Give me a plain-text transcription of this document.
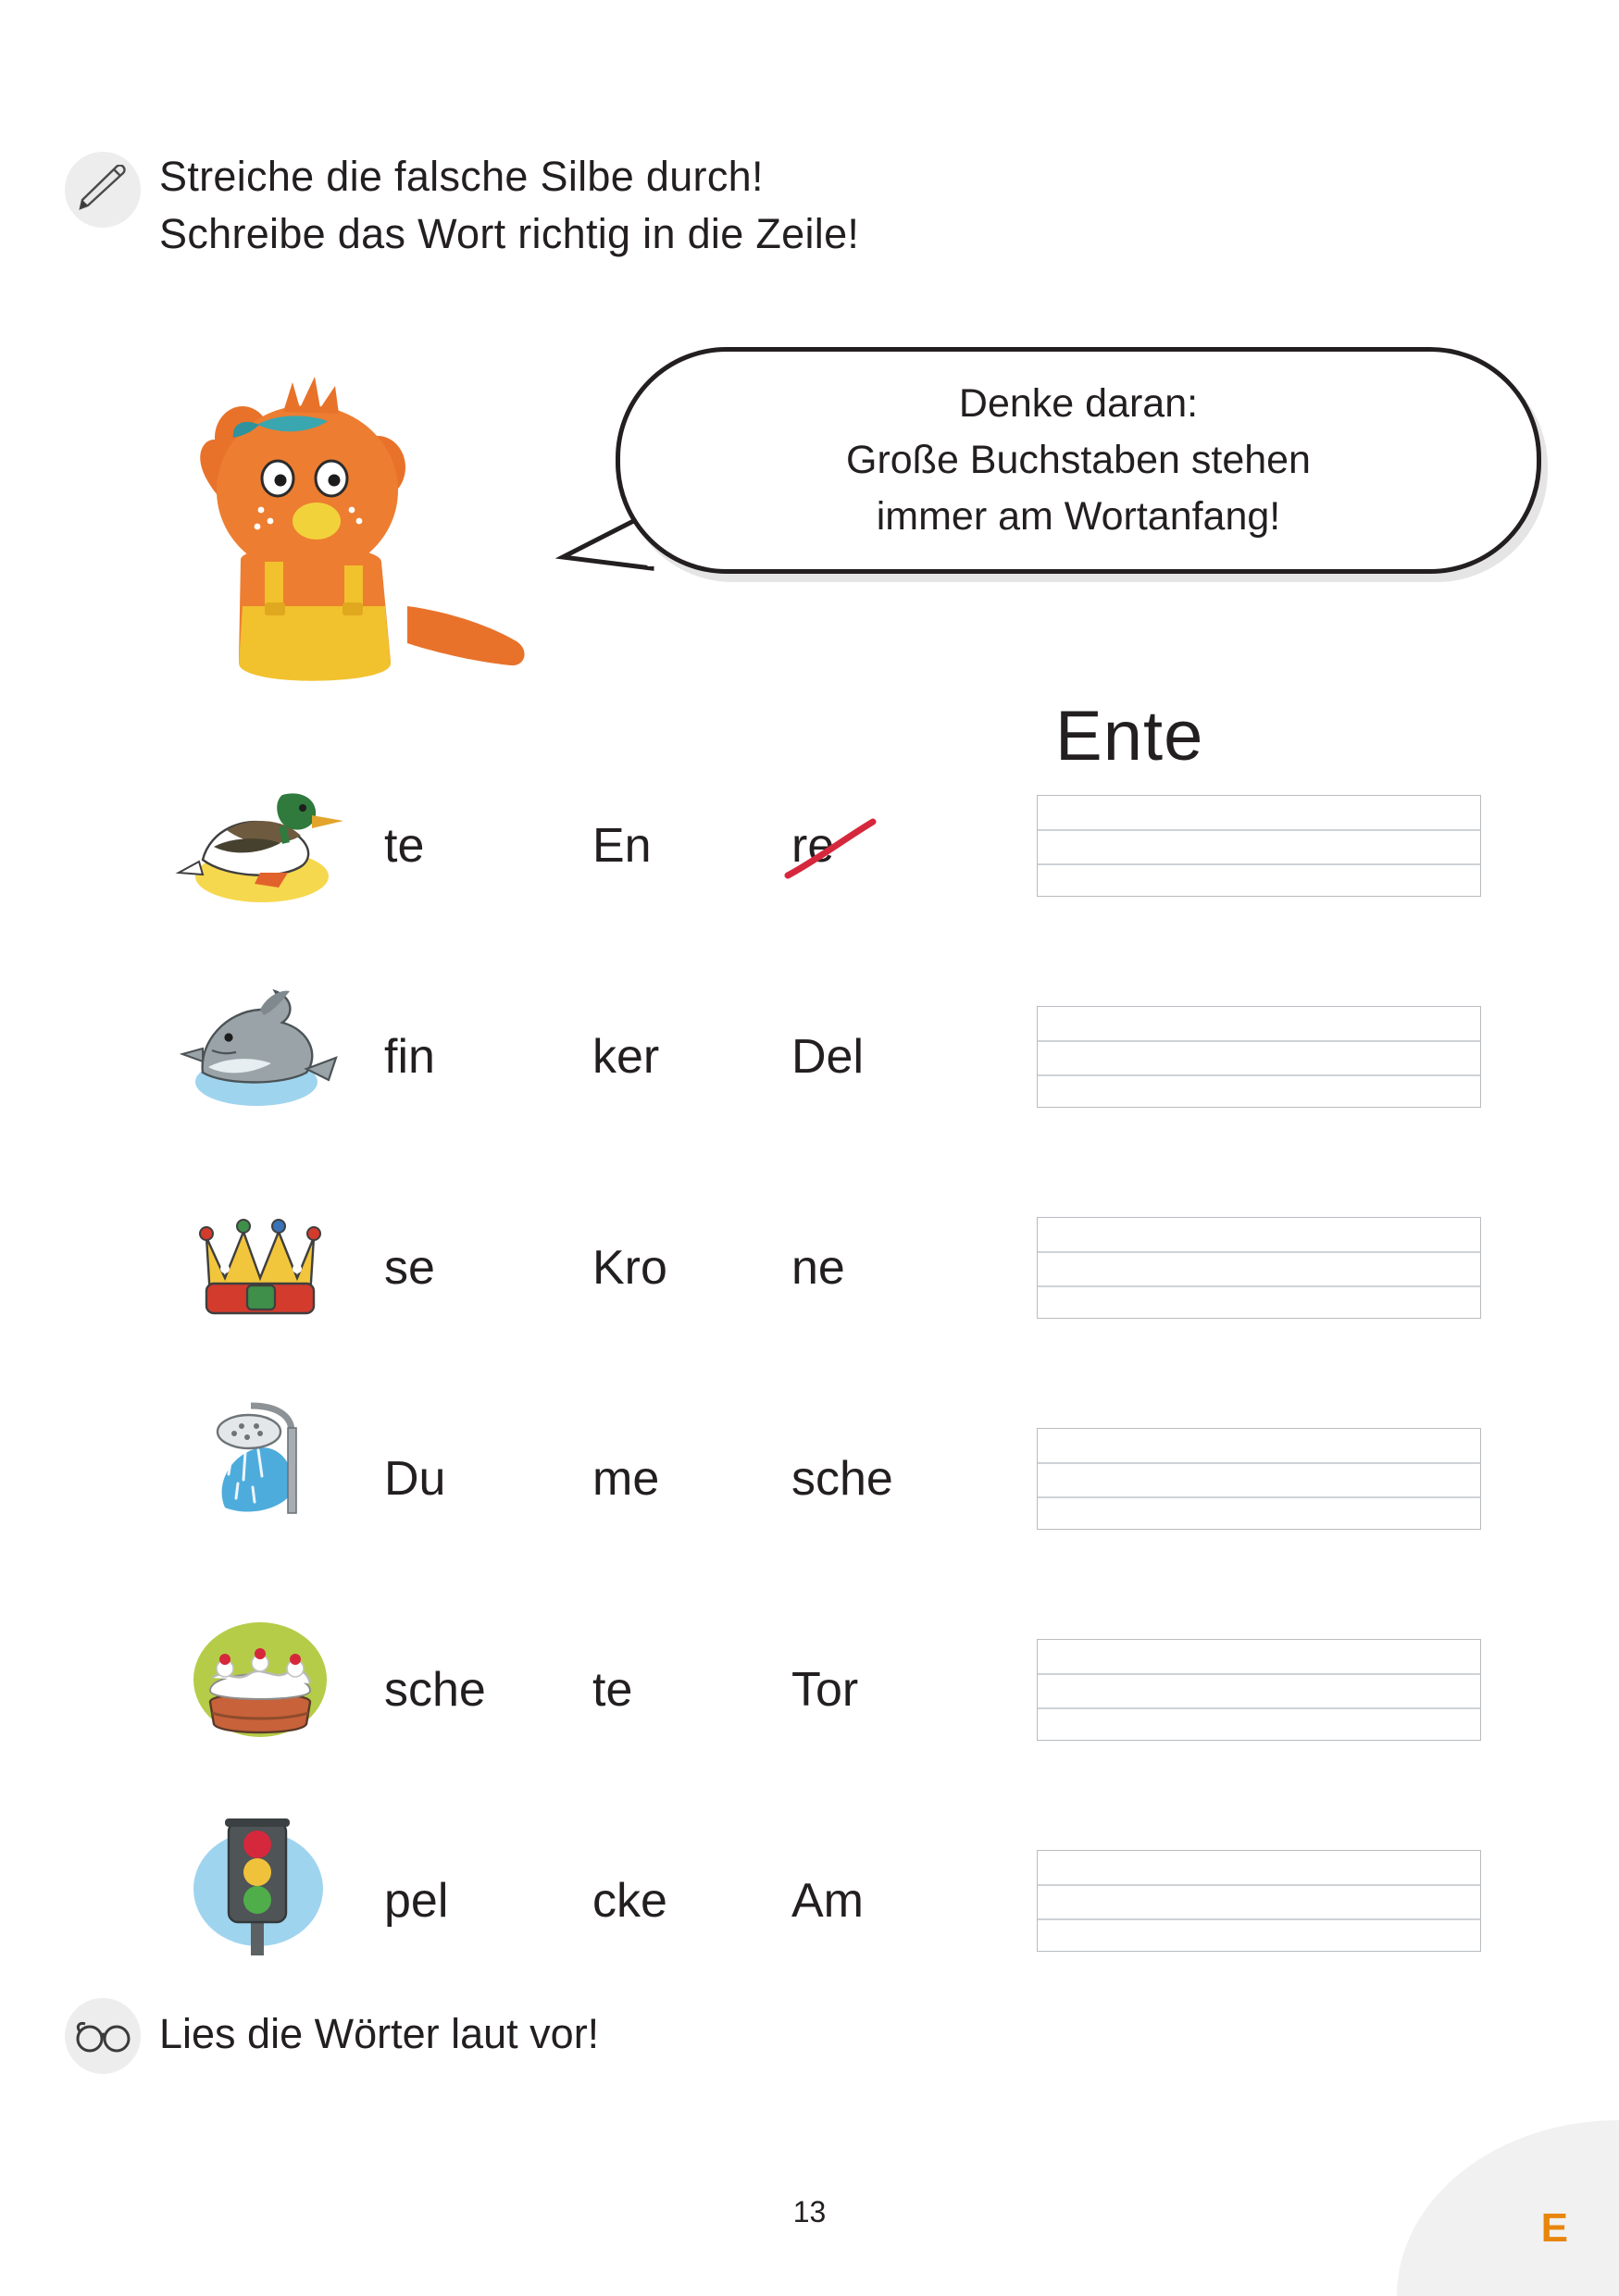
Streiche die falsche Silbe durch!
Schreibe das Wort richtig in die Zeile!
Denke daran:
Große Buchstaben stehen
immer am Wortanfang!
te	En	re
Ente
fin	ker	Del
se	Kro	ne
Du	me	sche
sche	te	Tor
pel	cke	Am
Lies die Wörter laut vor!
13	E
